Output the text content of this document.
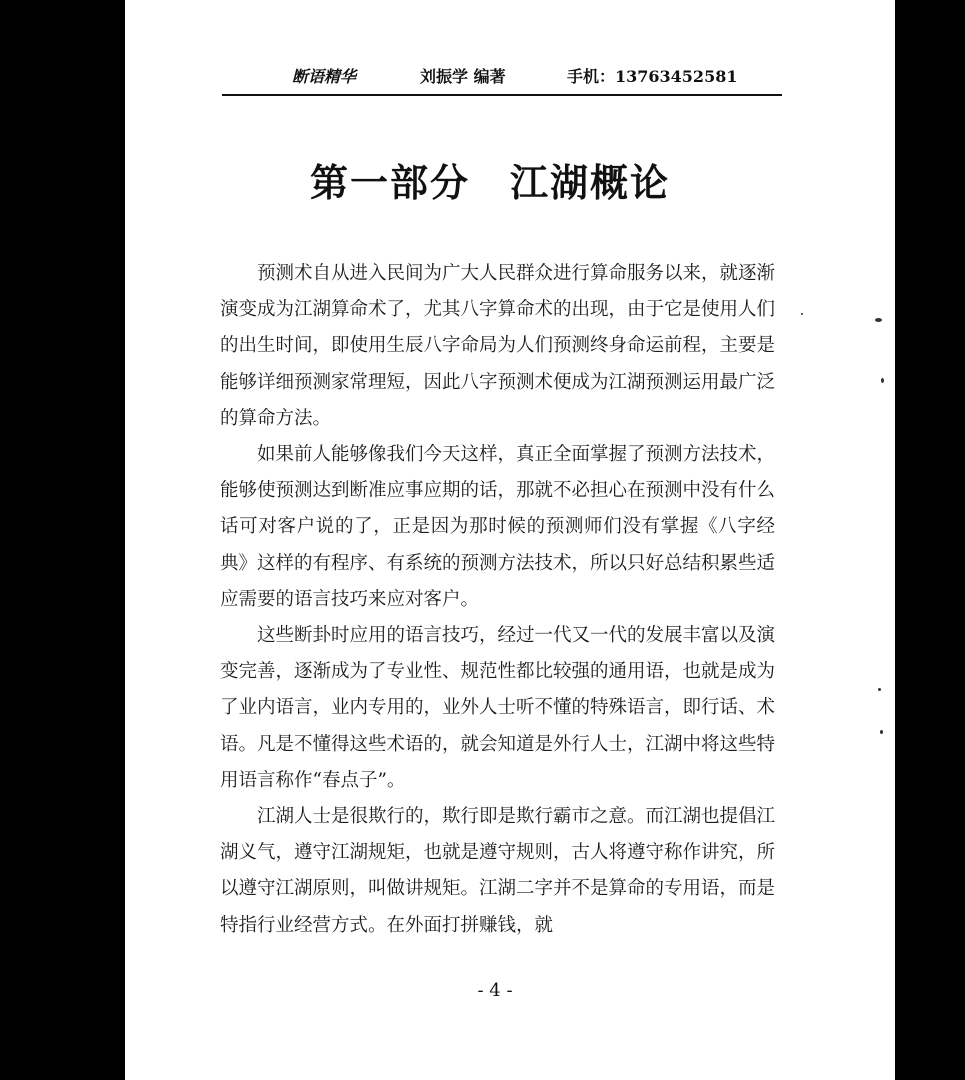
断语精华	刘振学 编著	手机：13763452581
第一部分　江湖概论

预测术自从进入民间为广大人民群众进行算命服务以来，就逐渐演变成为江湖算命术了，尤其八字算命术的出现，由于它是使用人们的出生时间，即使用生辰八字命局为人们预测终身命运前程，主要是能够详细预测家常理短，因此八字预测术便成为江湖预测运用最广泛的算命方法。

如果前人能够像我们今天这样，真正全面掌握了预测方法技术，能够使预测达到断准应事应期的话，那就不必担心在预测中没有什么话可对客户说的了，正是因为那时候的预测师们没有掌握《八字经典》这样的有程序、有系统的预测方法技术，所以只好总结积累些适应需要的语言技巧来应对客户。

这些断卦时应用的语言技巧，经过一代又一代的发展丰富以及演变完善，逐渐成为了专业性、规范性都比较强的通用语，也就是成为了业内语言，业内专用的，业外人士听不懂的特殊语言，即行话、术语。凡是不懂得这些术语的，就会知道是外行人士，江湖中将这些特用语言称作“春点子”。

江湖人士是很欺行的，欺行即是欺行霸市之意。而江湖也提倡江湖义气，遵守江湖规矩，也就是遵守规则，古人将遵守称作讲究，所以遵守江湖原则，叫做讲规矩。江湖二字并不是算命的专用语，而是特指行业经营方式。在外面打拼赚钱，就

- 4 -
